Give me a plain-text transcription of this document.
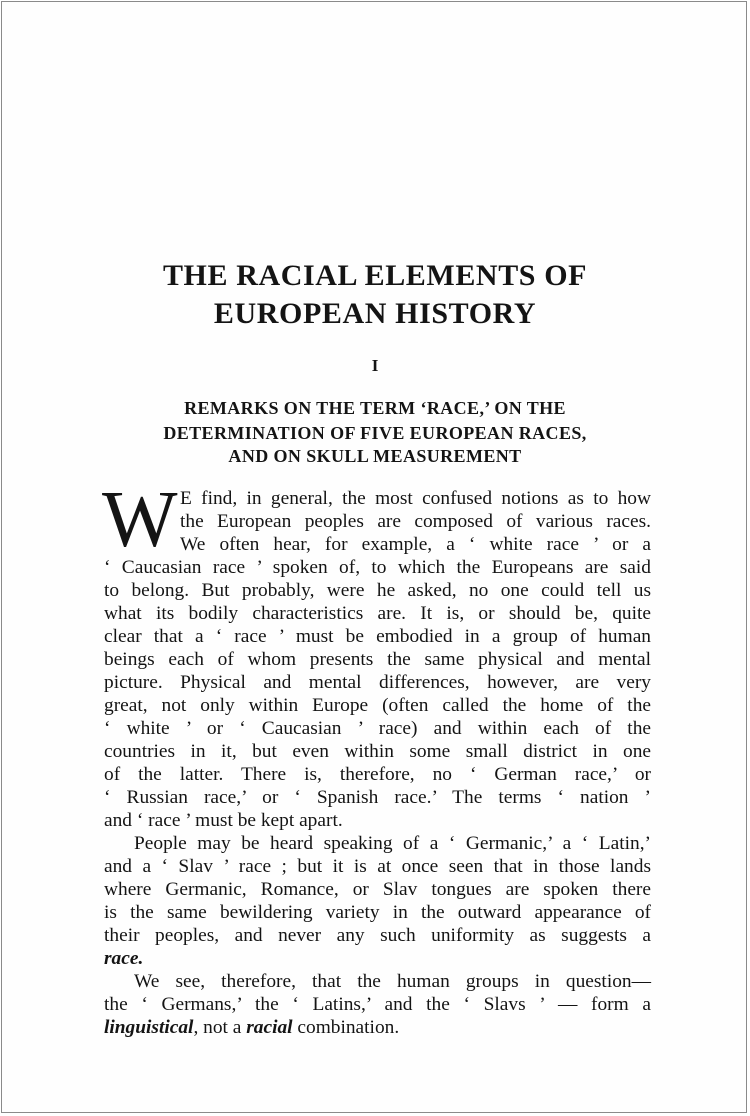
THE RACIAL ELEMENTS OF
EUROPEAN HISTORY
I
REMARKS ON THE TERM ‘RACE,’ ON THE
DETERMINATION OF FIVE EUROPEAN RACES,
AND ON SKULL MEASUREMENT
W E find, in general, the most confused notions as to how
the European peoples are composed of various races.
We often hear, for example, a ‘ white race ’ or a
‘ Caucasian race ’ spoken of, to which the Europeans are said
to belong. But probably, were he asked, no one could tell us
what its bodily characteristics are. It is, or should be, quite
clear that a ‘ race ’ must be embodied in a group of human
beings each of whom presents the same physical and mental
picture. Physical and mental differences, however, are very
great, not only within Europe (often called the home of the
‘ white ’ or ‘ Caucasian ’ race) and within each of the
countries in it, but even within some small district in one
of the latter. There is, therefore, no ‘ German race,’ or
‘ Russian race,’ or ‘ Spanish race.’ The terms ‘ nation ’
and ‘ race ’ must be kept apart.
People may be heard speaking of a ‘ Germanic,’ a ‘ Latin,’
and a ‘ Slav ’ race ; but it is at once seen that in those lands
where Germanic, Romance, or Slav tongues are spoken there
is the same bewildering variety in the outward appearance of
their peoples, and never any such uniformity as suggests a
race.
We see, therefore, that the human groups in question—
the ‘ Germans,’ the ‘ Latins,’ and the ‘ Slavs ’ — form a
linguistical, not a racial combination.
